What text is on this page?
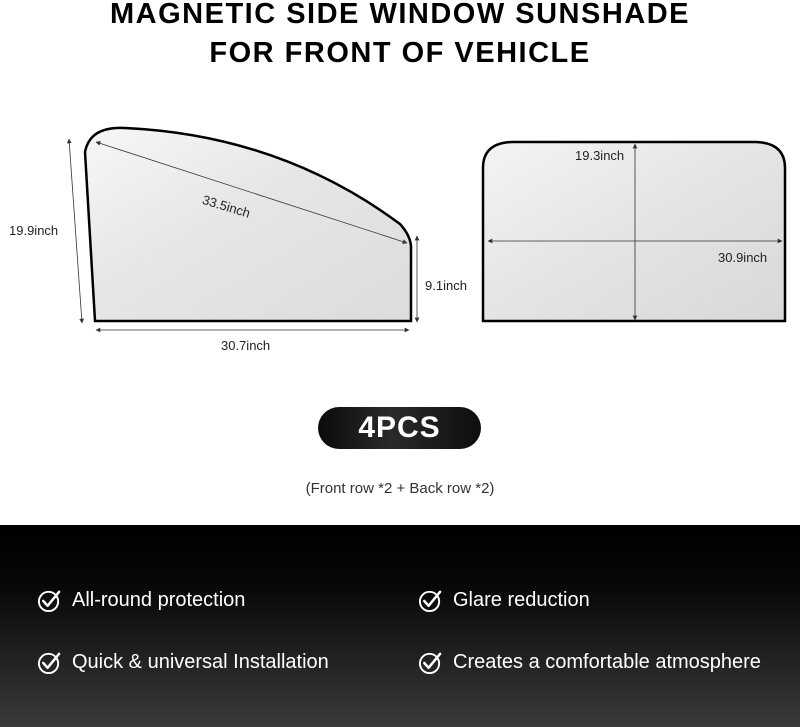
MAGNETIC SIDE WINDOW SUNSHADE
FOR FRONT OF VEHICLE
19.9inch
33.5inch
9.1inch
30.7inch
19.3inch
30.9inch
4PCS
(Front row *2 + Back row *2)
All-round protection	Glare reduction
Quick & universal Installation	Creates a comfortable atmosphere
